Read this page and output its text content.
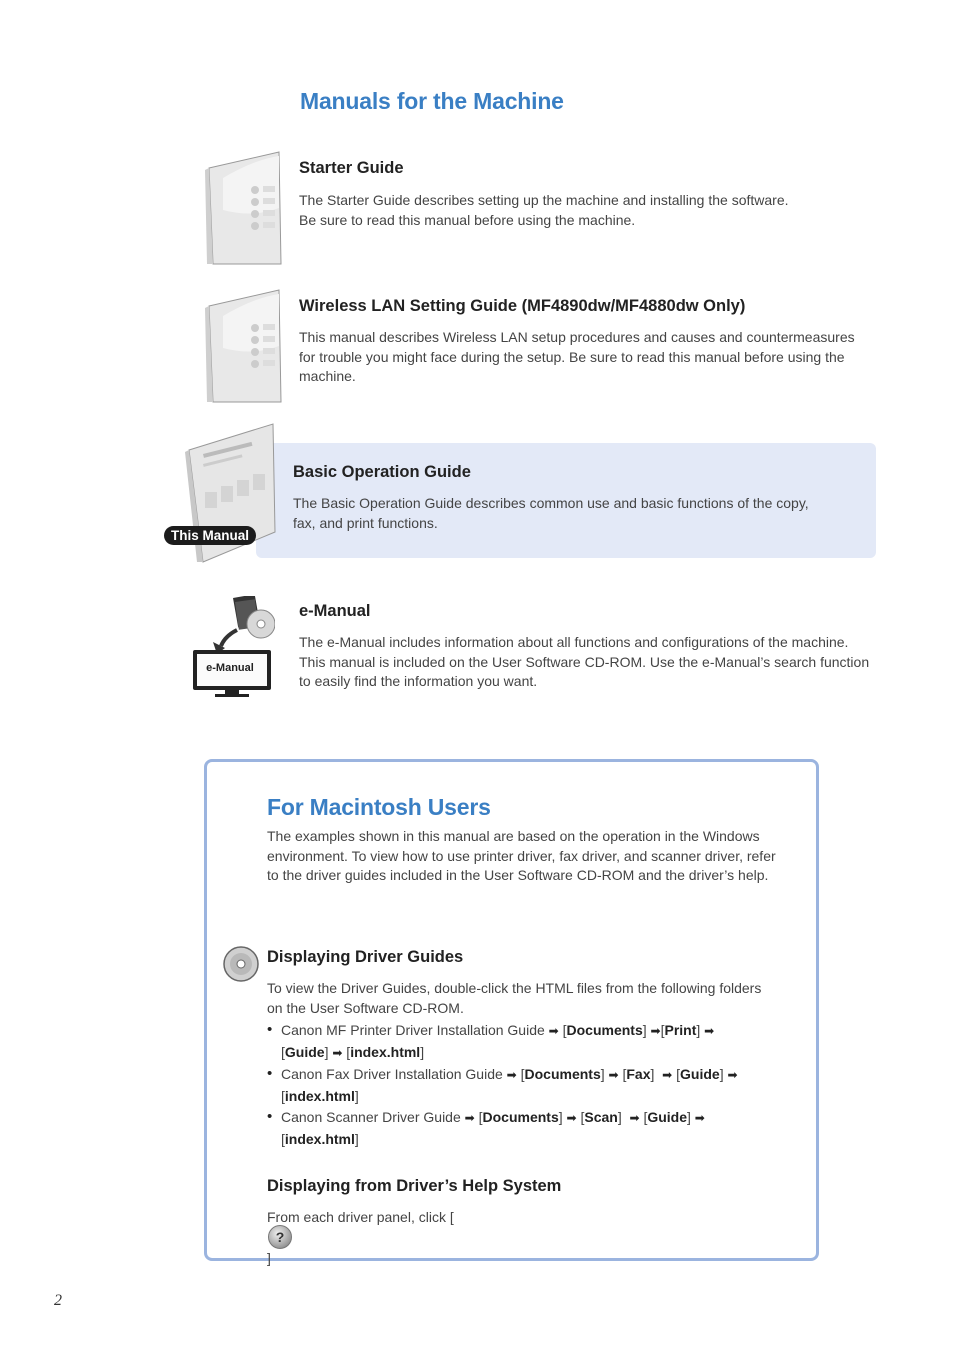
Manuals for the Machine
Starter Guide
The Starter Guide describes setting up the machine and installing the software.
Be sure to read this manual before using the machine.
Wireless LAN Setting Guide (MF4890dw/MF4880dw Only)
This manual describes Wireless LAN setup procedures and causes and countermeasures
for trouble you might face during the setup. Be sure to read this manual before using the
machine.
This Manual
Basic Operation Guide
The Basic Operation Guide describes common use and basic functions of the copy,
fax, and print functions.
e-Manual
e-Manual
The e-Manual includes information about all functions and configurations of the machine.
This manual is included on the User Software CD-ROM. Use the e-Manual’s search function
to easily find the information you want.
For Macintosh Users
The examples shown in this manual are based on the operation in the Windows
environment. To view how to use printer driver, fax driver, and scanner driver, refer
to the driver guides included in the User Software CD-ROM and the driver’s help.
Displaying Driver Guides
To view the Driver Guides, double-click the HTML files from the following folders
on the User Software CD-ROM.
• Canon MF Printer Driver Installation Guide ➡ [Documents] ➡[Print] ➡ [Guide] ➡ [index.html]
• Canon Fax Driver Installation Guide ➡ [Documents] ➡ [Fax]  ➡ [Guide] ➡ [index.html]
• Canon Scanner Driver Guide ➡ [Documents] ➡ [Scan]  ➡ [Guide] ➡ [index.html]
Displaying from Driver’s Help System
From each driver panel, click [
?
]
2
